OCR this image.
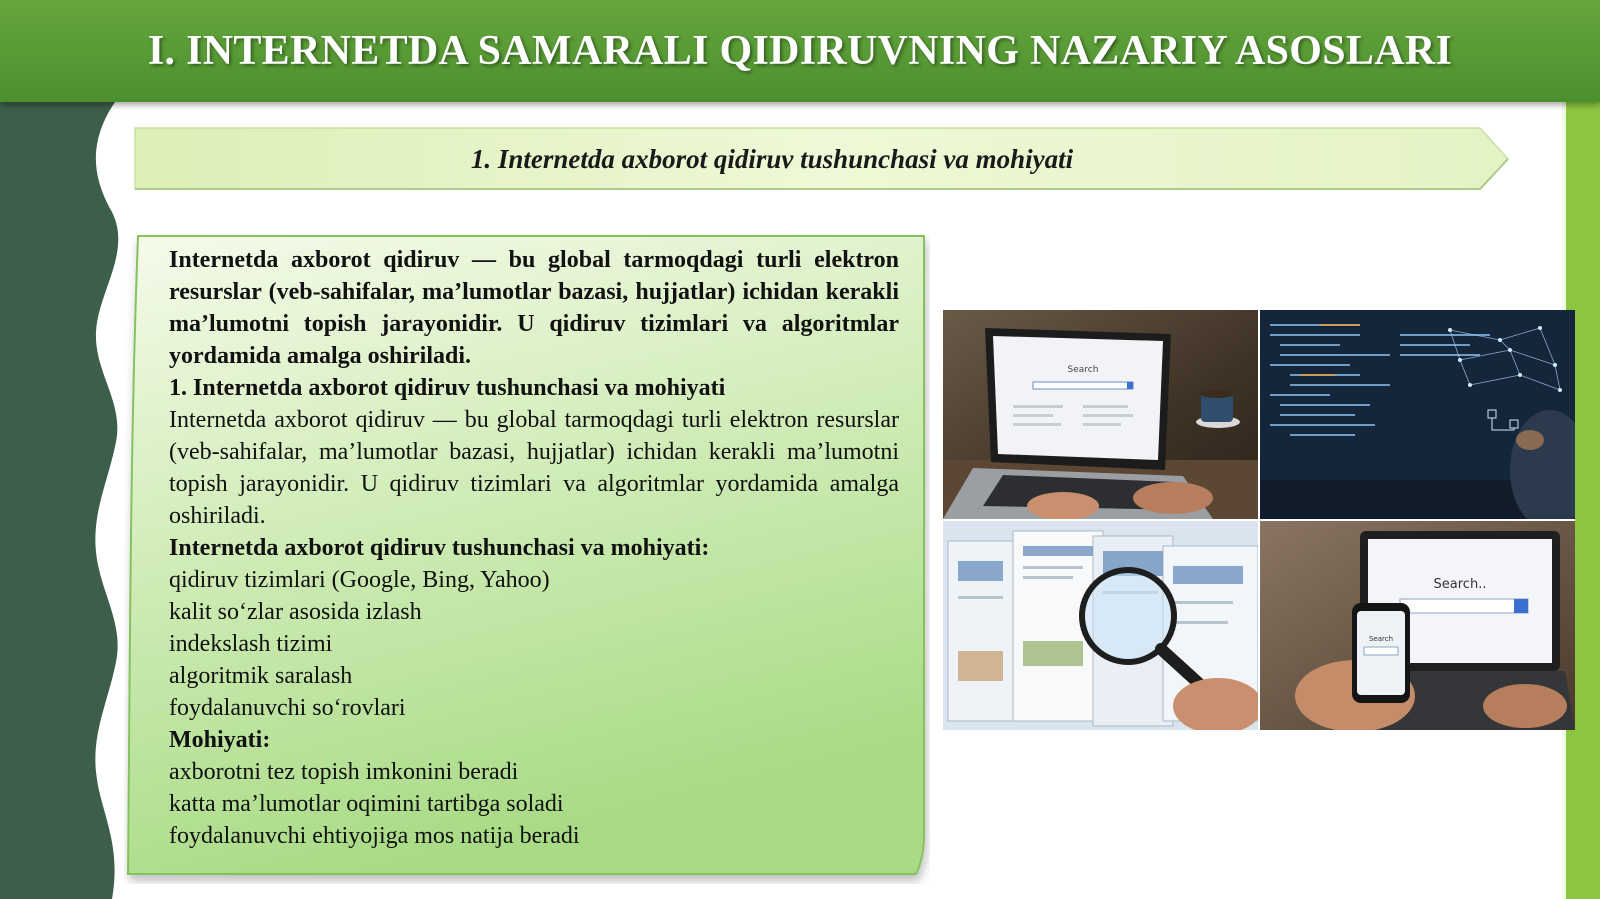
I. INTERNETDA SAMARALI QIDIRUVNING NAZARIY ASOSLARI
1. Internetda axborot qidiruv tushunchasi va mohiyati

Internetda axborot qidiruv — bu global tarmoqdagi turli elektron resurslar (veb-sahifalar, ma’lumotlar bazasi, hujjatlar) ichidan kerakli ma’lumotni topish jarayonidir. U qidiruv tizimlari va algoritmlar yordamida amalga oshiriladi.

1. Internetda axborot qidiruv tushunchasi va mohiyati

Internetda axborot qidiruv — bu global tarmoqdagi turli elektron resurslar (veb-sahifalar, ma’lumotlar bazasi, hujjatlar) ichidan kerakli ma’lumotni topish jarayonidir. U qidiruv tizimlari va algoritmlar yordamida amalga oshiriladi.

Internetda axborot qidiruv tushunchasi va mohiyati:

qidiruv tizimlari (Google, Bing, Yahoo)

kalit so‘zlar asosida izlash

indekslash tizimi

algoritmik saralash

foydalanuvchi so‘rovlari

Mohiyati:

axborotni tez topish imkonini beradi

katta ma’lumotlar oqimini tartibga soladi

foydalanuvchi ehtiyojiga mos natija beradi

Search
Search..
Search
